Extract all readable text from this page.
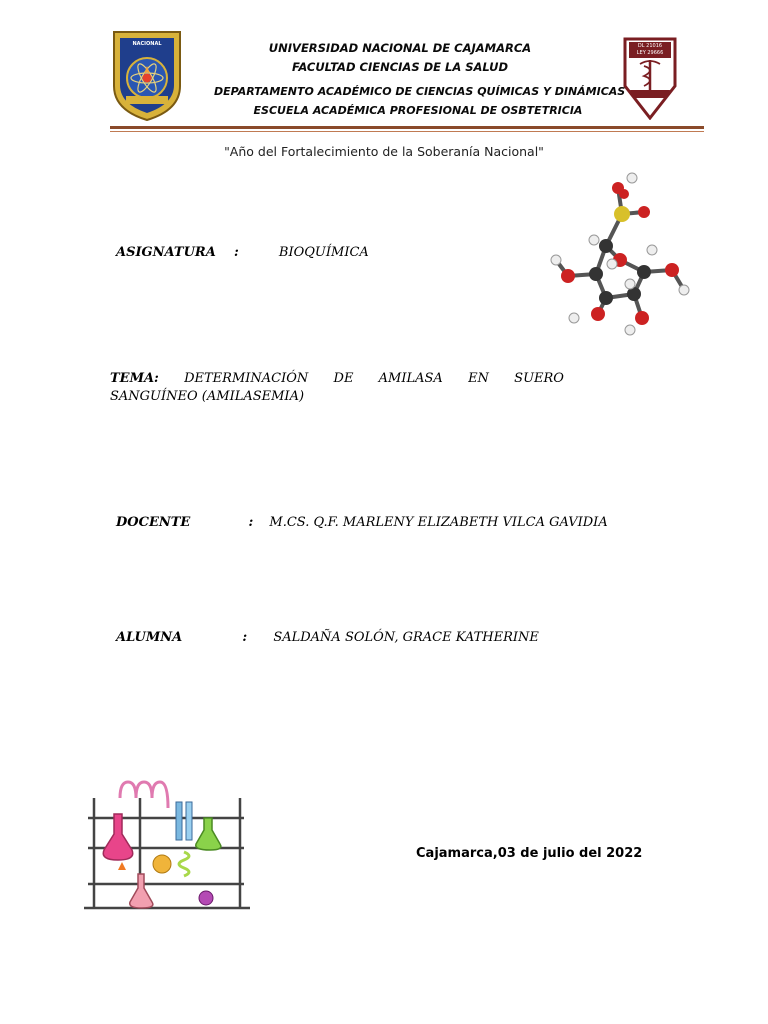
NACIONAL	DL 21016
LEY 29666
UNIVERSIDAD NACIONAL DE CAJAMARCA
FACULTAD CIENCIAS DE LA SALUD
DEPARTAMENTO ACADÉMICO DE CIENCIAS QUÍMICAS Y DINÁMICAS
ESCUELA ACADÉMICA PROFESIONAL DE OSBTETRICIA
"Año del Fortalecimiento de la Soberanía Nacional"
ASIGNATURA :	BIOQUÍMICA
TEMA: DETERMINACIÓN DE AMILASA EN SUERO
SANGUÍNEO (AMILASEMIA)
DOCENTE	: M.CS. Q.F. MARLENY ELIZABETH VILCA GAVIDIA
ALUMNA	: SALDAÑA SOLÓN, GRACE KATHERINE
Cajamarca,03 de julio del 2022
